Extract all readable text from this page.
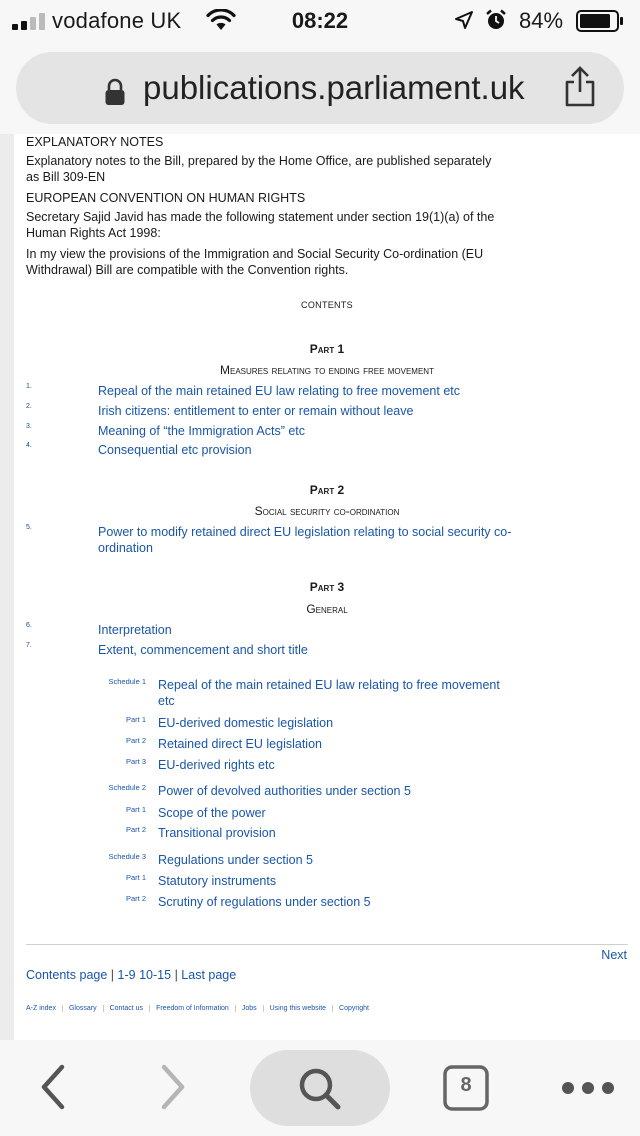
vodafone UK	08:22	84%
publications.parliament.uk
EXPLANATORY NOTES
Explanatory notes to the Bill, prepared by the Home Office, are published separately
as Bill 309-EN
EUROPEAN CONVENTION ON HUMAN RIGHTS
Secretary Sajid Javid has made the following statement under section 19(1)(a) of the
Human Rights Act 1998:
In my view the provisions of the Immigration and Social Security Co-ordination (EU
Withdrawal) Bill are compatible with the Convention rights.
CONTENTS
Part 1
Measures relating to ending free movement
1.	Repeal of the main retained EU law relating to free movement etc
2.	Irish citizens: entitlement to enter or remain without leave
3.	Meaning of “the Immigration Acts” etc
4.	Consequential etc provision
Part 2
Social security co-ordination
5.	Power to modify retained direct EU legislation relating to social security co-
ordination
Part 3
General
6.	Interpretation
7.	Extent, commencement and short title
Schedule 1 Repeal of the main retained EU law relating to free movement
etc
Part 1 EU-derived domestic legislation
Part 2 Retained direct EU legislation
Part 3 EU-derived rights etc
Schedule 2 Power of devolved authorities under section 5
Part 1 Scope of the power
Part 2 Transitional provision
Schedule 3 Regulations under section 5
Part 1 Statutory instruments
Part 2 Scrutiny of regulations under section 5
Next
Contents page | 1-9 10-15 | Last page
A-Z index Glossary Contact us Freedom of Information Jobs Using this website Copyright
8
